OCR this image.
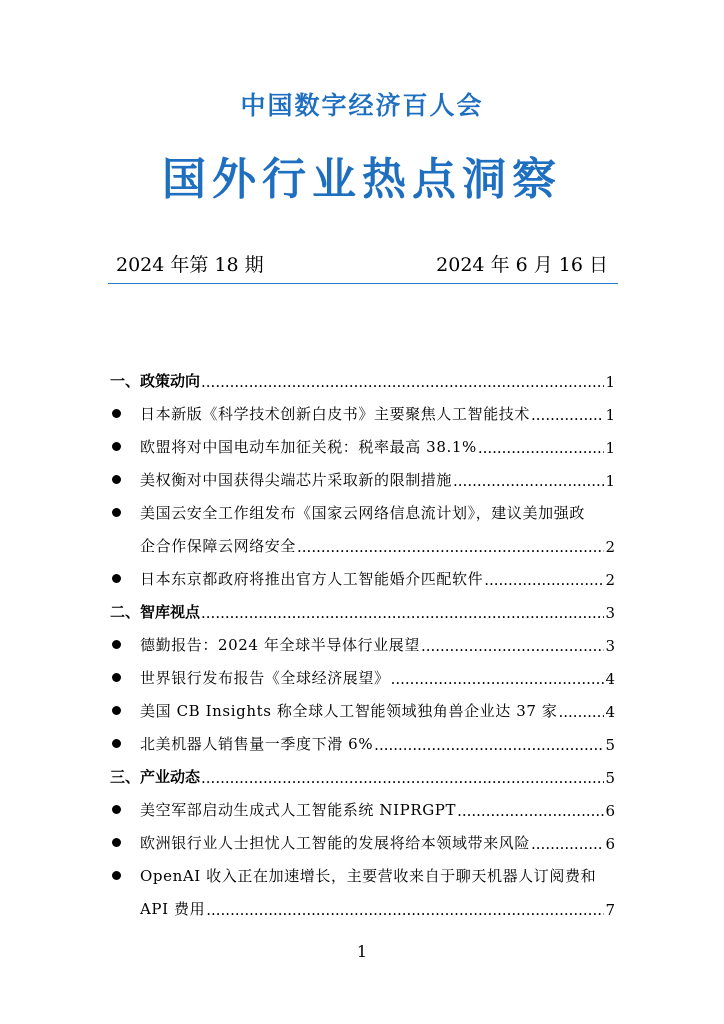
中国数字经济百人会
国外行业热点洞察
2024 年第 18 期	2024 年 6 月 16 日
一、政策动向 .....	1
日本新版《科学技术创新白皮书》主要聚焦人工智能技术 .....	1
欧盟将对中国电动车加征关税：税率最高 38.1% .....	1
美权衡对中国获得尖端芯片采取新的限制措施 .....	1
美国云安全工作组发布《国家云网络信息流计划》，建议美加强政
企合作保障云网络安全 .....	2
日本东京都政府将推出官方人工智能婚介匹配软件 .....	2
二、智库视点 .....	3
德勤报告：2024 年全球半导体行业展望 .....	3
世界银行发布报告《全球经济展望》 .....	4
美国 CB Insights 称全球人工智能领域独角兽企业达 37 家 .....	4
北美机器人销售量一季度下滑 6% .....	5
三、产业动态 .....	5
美空军部启动生成式人工智能系统 NIPRGPT .....	6
欧洲银行业人士担忧人工智能的发展将给本领域带来风险 .....	6
OpenAI 收入正在加速增长，主要营收来自于聊天机器人订阅费和
API 费用 .....	7
1
